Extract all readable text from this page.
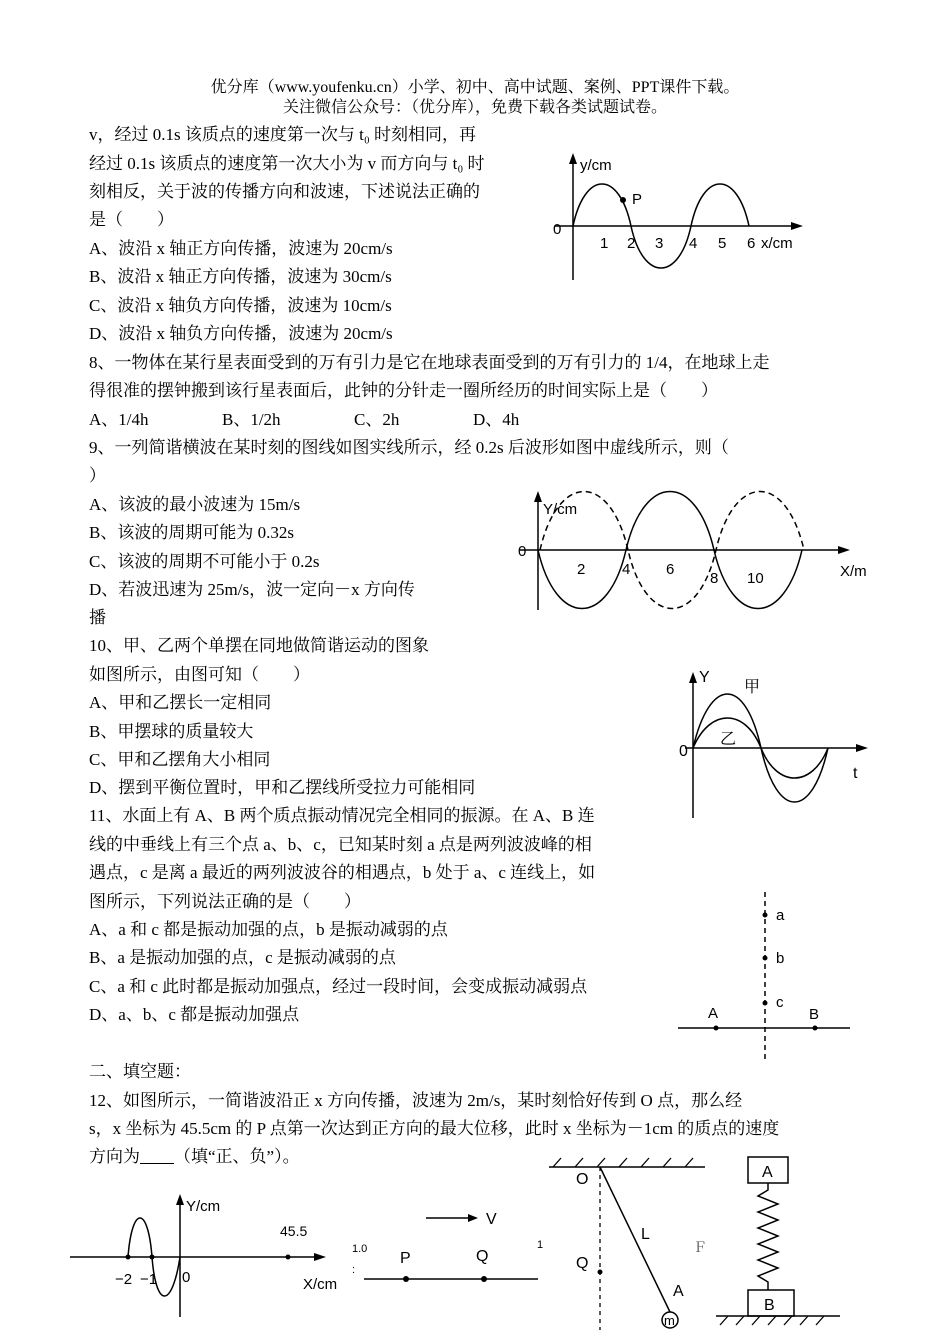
优分库（www.youfenku.cn）小学、初中、高中试题、案例、PPT课件下载。
关注微信公众号：（优分库），免费下载各类试题试卷。
v，经过 0.1s 该质点的速度第一次与 t₀ 时刻相同，再
经过 0.1s 该质点的速度第一次大小为 v 而方向与 t₀ 时
刻相反，关于波的传播方向和波速，下述说法正确的
是（　　）
A、波沿 x 轴正方向传播，波速为 20cm/s
B、波沿 x 轴正方向传播，波速为 30cm/s
C、波沿 x 轴负方向传播，波速为 10cm/s
D、波沿 x 轴负方向传播，波速为 20cm/s
P
y/cm
0
1 2 3 4 5 6 x/cm
8、一物体在某行星表面受到的万有引力是它在地球表面受到的万有引力的 1/4，在地球上走
得很准的摆钟搬到该行星表面后，此钟的分针走一圈所经历的时间实际上是（　　）
A、1/4h	B、1/2h	C、2h	D、4h
9、一列简谐横波在某时刻的图线如图实线所示，经 0.2s 后波形如图中虚线所示，则（
）
A、该波的最小波速为 15m/s
B、该波的周期可能为 0.32s
C、该波的周期不可能小于 0.2s
D、若波迅速为 25m/s，波一定向－x 方向传
播
Y/cm
0
2 4 6
8 10	X/m
10、甲、乙两个单摆在同地做简谐运动的图象
如图所示，由图可知（　　）
A、甲和乙摆长一定相同
B、甲摆球的质量较大
C、甲和乙摆角大小相同
D、摆到平衡位置时，甲和乙摆线所受拉力可能相同
Y
甲
乙
0
t
11、水面上有 A、B 两个质点振动情况完全相同的振源。在 A、B 连
线的中垂线上有三个点 a、b、c，已知某时刻 a 点是两列波波峰的相
遇点，c 是离 a 最近的两列波波谷的相遇点，b 处于 a、c 连线上，如
图所示，下列说法正确的是（　　）
A、a 和 c 都是振动加强的点，b 是振动减弱的点
B、a 是振动加强的点，c 是振动减弱的点
C、a 和 c 此时都是振动加强点，经过一段时间，会变成振动减弱点
D、a、b、c 都是振动加强点
a
b
c
A	B
二、填空题：
12、如图所示，一简谐波沿正 x 方向传播，波速为 2m/s，某时刻恰好传到 O 点，那么经
s，x 坐标为 45.5cm 的 P 点第一次达到正方向的最大位移，此时 x 坐标为－1cm 的质点的速度
方向为 （填“正、负”）。
Y/cm
0
−2 −1
45.5
X/cm
1.0
:
V
P	Q
1
m
O
Q
L
A
Ｆ
A
B
